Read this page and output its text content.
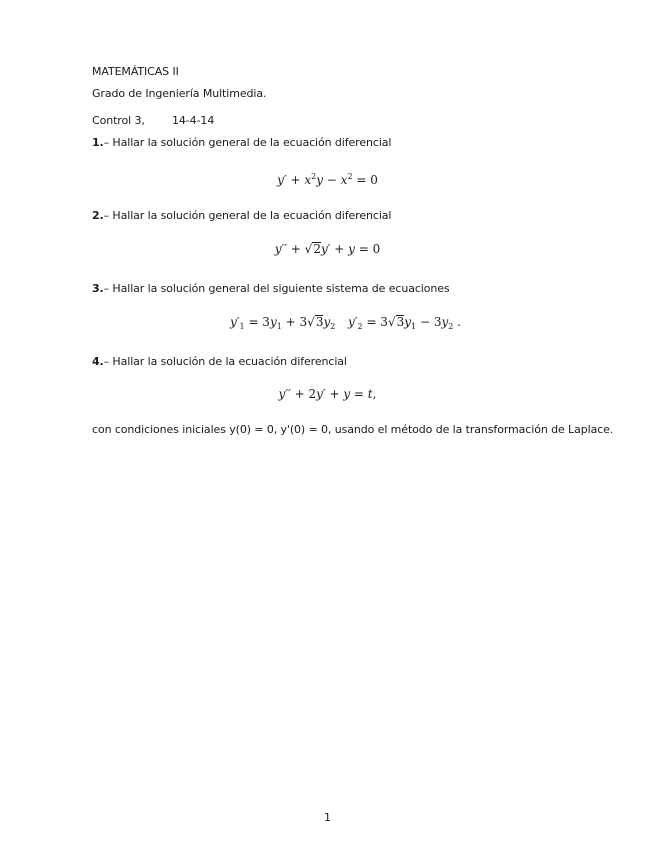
MATEMÁTICAS II
Grado de Ingeniería Multimedia.
Control 3, 14-4-14
1.– Hallar la solución general de la ecuación diferencial
$y' + x^2y - x^2 = 0$
2.– Hallar la solución general de la ecuación diferencial
y′′ + √2y′ + y = 0
3.– Hallar la solución general del siguiente sistema de ecuaciones
$y'_1 = 3y_1 + 3√3y_2$ $y'_2 = 3√3y_1 - 3y_2$ .
4.– Hallar la solución de la ecuación diferencial
y′′ + 2y′ + y = t,
con condiciones iniciales y(0) = 0, y'(0) = 0, usando el método de la transformación de Laplace.
1
